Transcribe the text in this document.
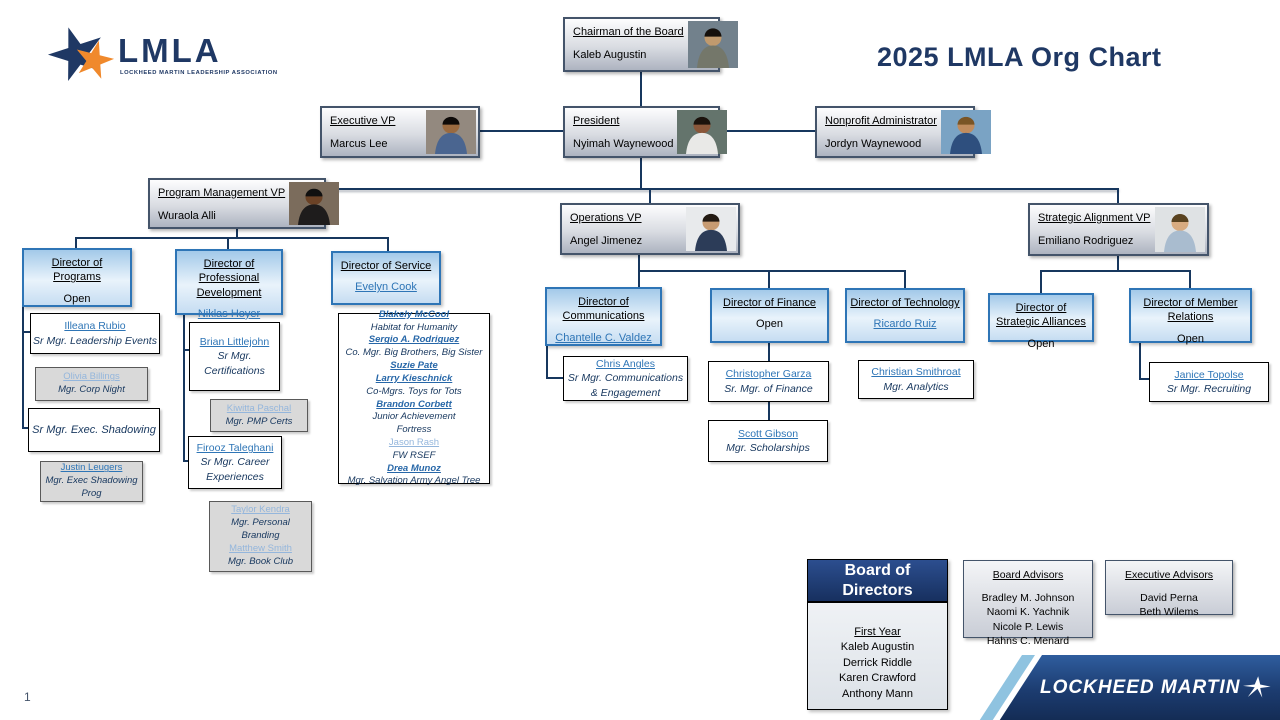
LMLA
LOCKHEED MARTIN LEADERSHIP ASSOCIATION
2025 LMLA Org Chart
1
Chairman of the Board
Kaleb Augustin
Executive VP
Marcus Lee
President
Nyimah Waynewood
Nonprofit Administrator
Jordyn Waynewood
Program Management VP
Wuraola Alli	Operations VP
Angel Jimenez
Strategic Alignment VP
Emiliano Rodriguez
Director of Programs
Open
Director of Professional Development
Niklas Hoyer
Director of Service
Evelyn Cook
Director of Communications
Chantelle C. Valdez
Director of Finance
Open
Director of Technology
Ricardo Ruiz
Director of Strategic Alliances
Open
Director of Member Relations
Open
Illeana Rubio
Sr Mgr. Leadership Events
Olivia Billings
Mgr. Corp Night
Sr Mgr. Exec. Shadowing
Justin Leugers
Mgr. Exec Shadowing Prog
Brian Littlejohn
Sr Mgr. Certifications
Kiwitta Paschal
Mgr. PMP Certs
Firooz Taleghani
Sr Mgr. Career Experiences
Taylor Kendra
Mgr. Personal Branding
Matthew Smith
Mgr. Book Club
Blakely McCool
Habitat for Humanity
Sergio A. Rodriguez
Co. Mgr. Big Brothers, Big Sister
Suzie Pate
Larry Kieschnick
Co-Mgrs. Toys for Tots
Brandon Corbett
Junior Achievement
Fortress
Jason Rash
FW RSEF
Drea Munoz
Mgr. Salvation Army Angel Tree
Chris Angles
Sr Mgr. Communications & Engagement
Christopher Garza
Sr. Mgr. of Finance
Scott Gibson
Mgr. Scholarships
Christian Smithroat
Mgr. Analytics
Janice Topolse
Sr Mgr. Recruiting
Board of Directors
First Year
Kaleb Augustin
Derrick Riddle
Karen Crawford
Anthony Mann
Board Advisors
Bradley M. Johnson
Naomi K. Yachnik
Nicole P. Lewis
Hahns C. Menard
Executive Advisors
David Perna
Beth Wilems
LOCKHEED MARTIN
